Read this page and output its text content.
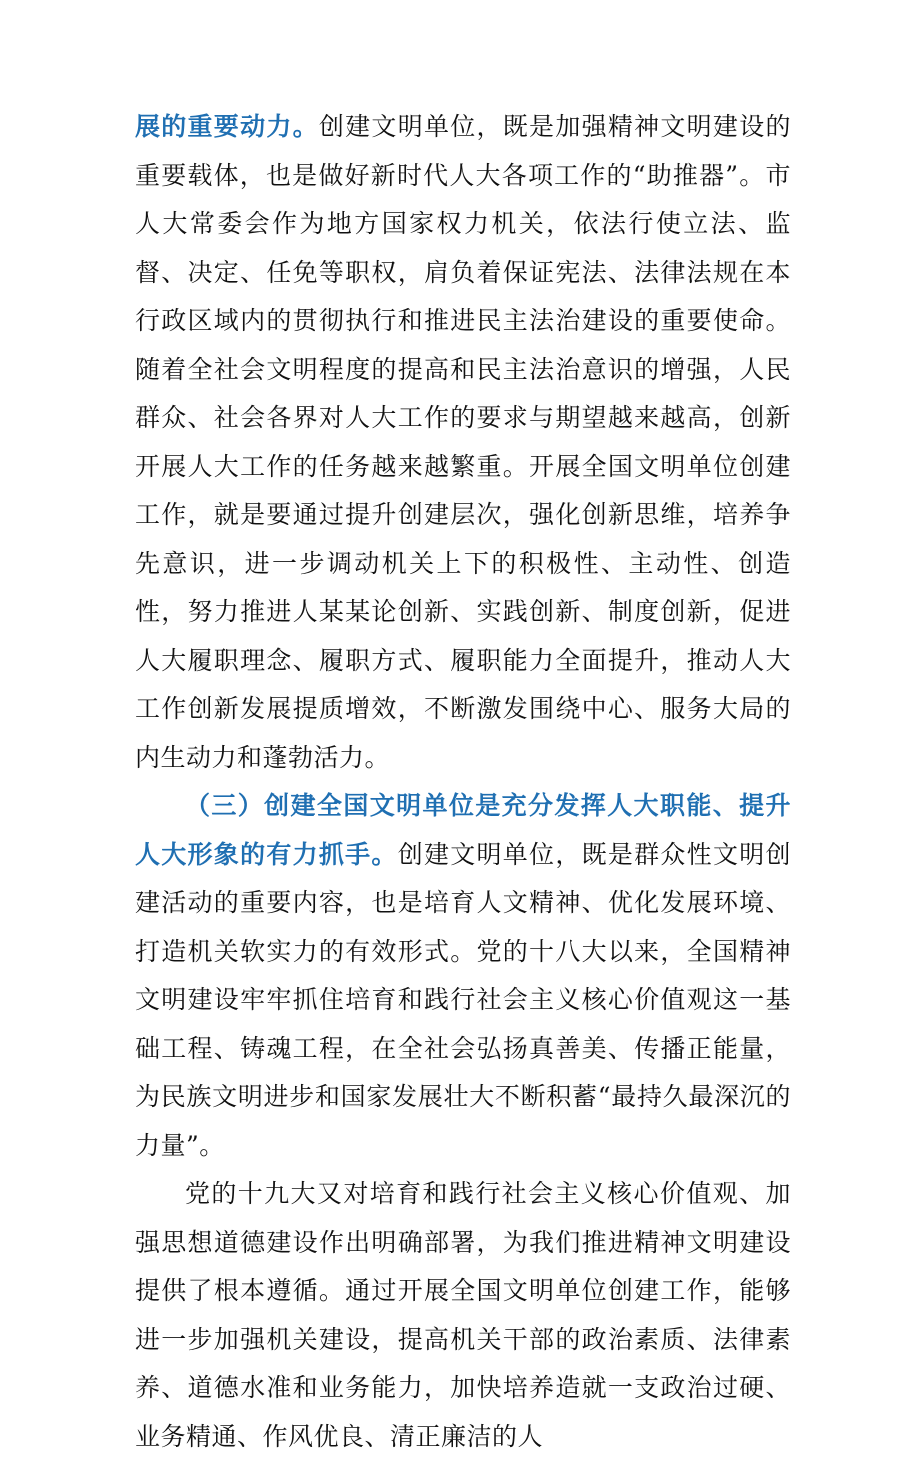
展的重要动力。创建文明单位，既是加强精神文明建设的重要载体，也是做好新时代人大各项工作的“助推器”。市人大常委会作为地方国家权力机关，依法行使立法、监督、决定、任免等职权，肩负着保证宪法、法律法规在本行政区域内的贯彻执行和推进民主法治建设的重要使命。随着全社会文明程度的提高和民主法治意识的增强，人民群众、社会各界对人大工作的要求与期望越来越高，创新开展人大工作的任务越来越繁重。开展全国文明单位创建工作，就是要通过提升创建层次，强化创新思维，培养争先意识，进一步调动机关上下的积极性、主动性、创造性，努力推进人某某论创新、实践创新、制度创新，促进人大履职理念、履职方式、履职能力全面提升，推动人大工作创新发展提质增效，不断激发围绕中心、服务大局的内生动力和蓬勃活力。

（三）创建全国文明单位是充分发挥人大职能、提升人大形象的有力抓手。创建文明单位，既是群众性文明创建活动的重要内容，也是培育人文精神、优化发展环境、打造机关软实力的有效形式。党的十八大以来，全国精神文明建设牢牢抓住培育和践行社会主义核心价值观这一基础工程、铸魂工程，在全社会弘扬真善美、传播正能量，为民族文明进步和国家发展壮大不断积蓄“最持久最深沉的力量”。

党的十九大又对培育和践行社会主义核心价值观、加强思想道德建设作出明确部署，为我们推进精神文明建设提供了根本遵循。通过开展全国文明单位创建工作，能够进一步加强机关建设，提高机关干部的政治素质、法律素养、道德水准和业务能力，加快培养造就一支政治过硬、业务精通、作风优良、清正廉洁的人
